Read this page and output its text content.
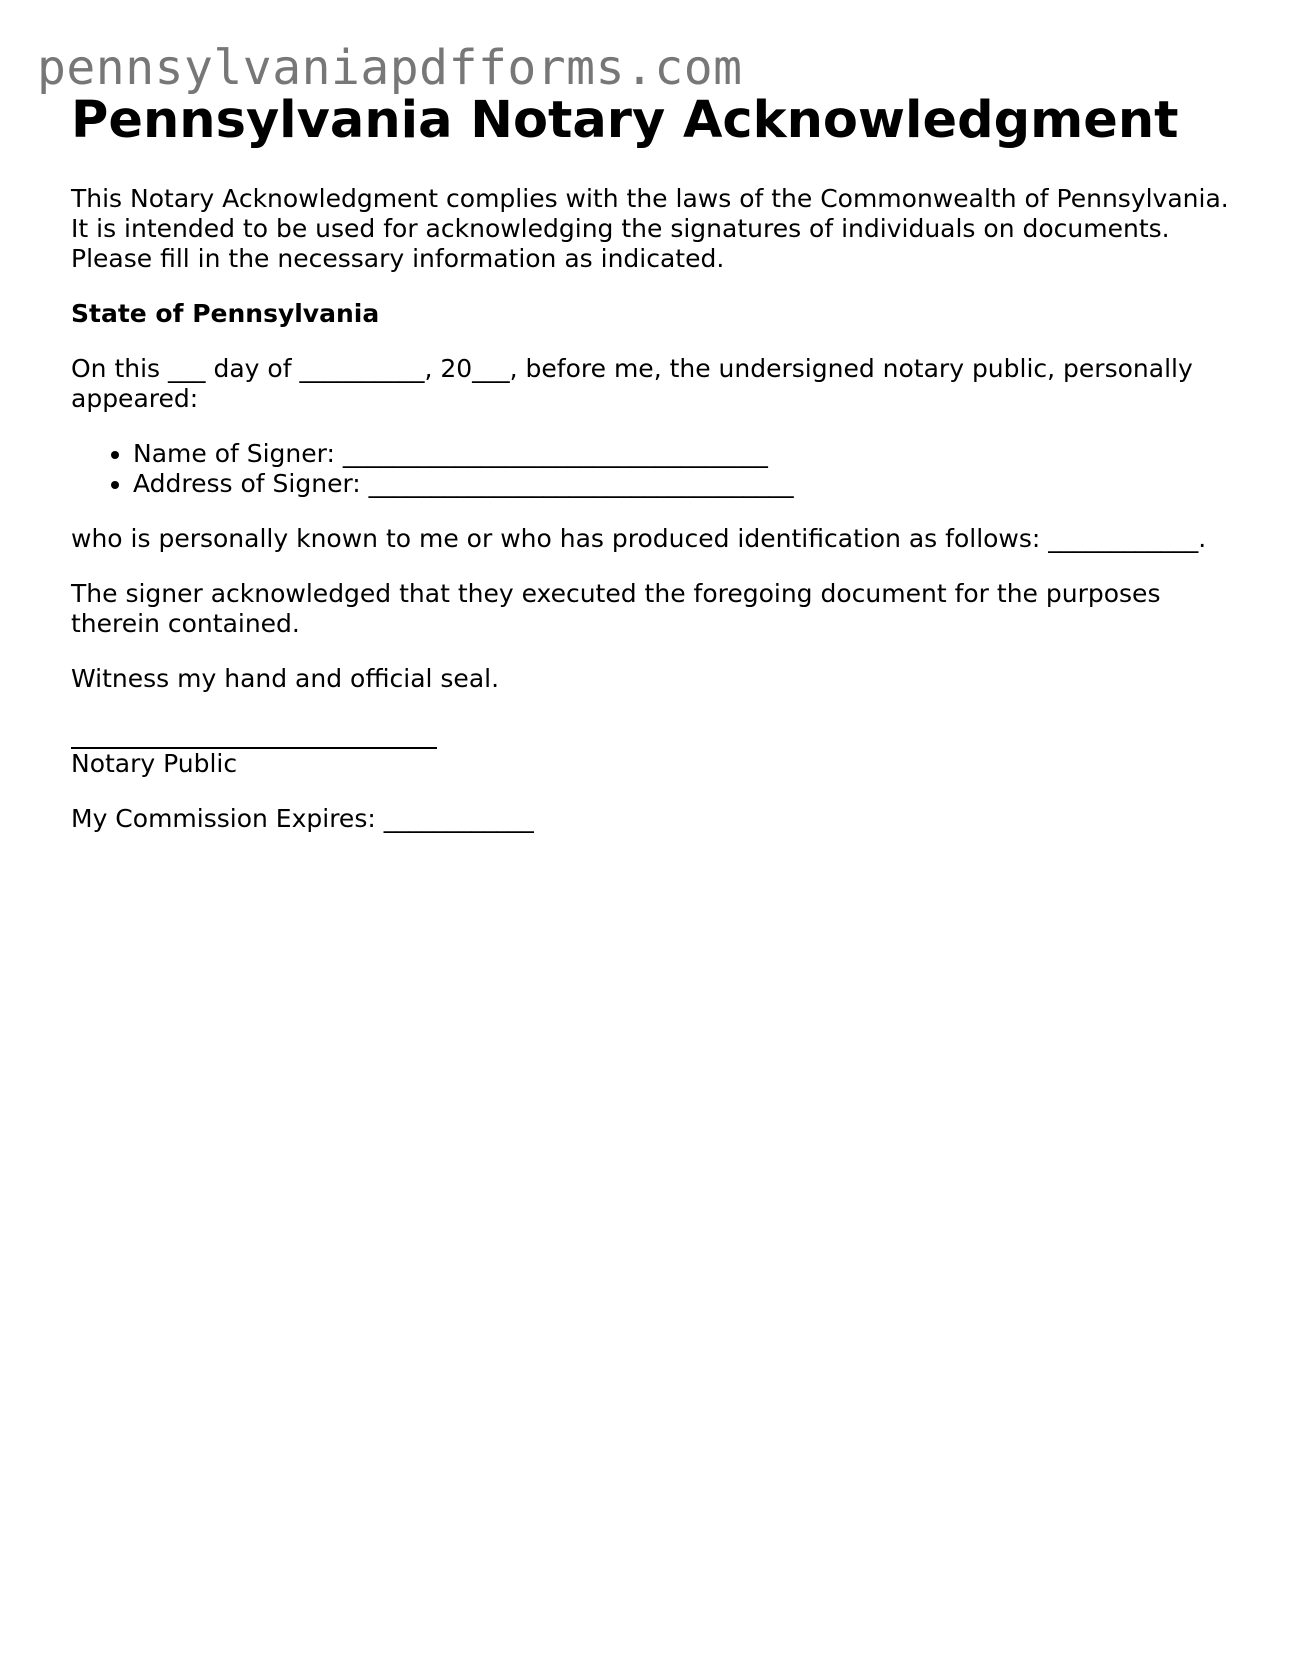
pennsylvaniapdfforms.com
Pennsylvania Notary Acknowledgment

This Notary Acknowledgment complies with the laws of the Commonwealth of Pennsylvania. It is intended to be used for acknowledging the signatures of individuals on documents. Please fill in the necessary information as indicated.

State of Pennsylvania

On this ___ day of __________, 20___, before me, the undersigned notary public, personally appeared:

• Name of Signer: __________________________________
• Address of Signer: __________________________________

who is personally known to me or who has produced identification as follows: ____________.

The signer acknowledged that they executed the foregoing document for the purposes therein contained.

Witness my hand and official seal.

Notary Public

My Commission Expires: ____________
